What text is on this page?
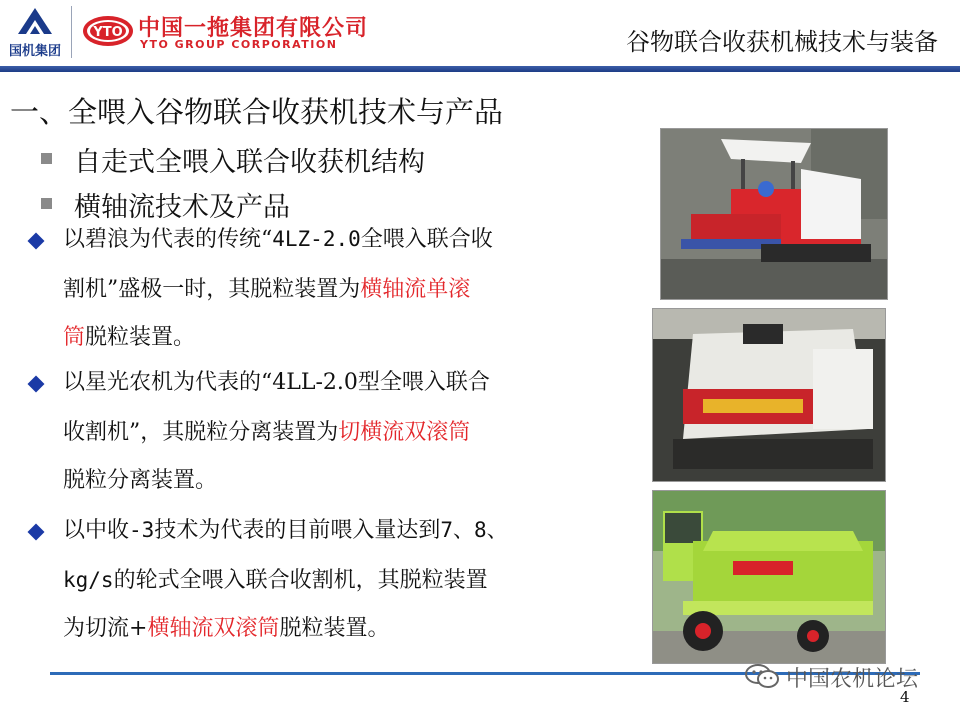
国机集团
YTO 中国一拖集团有限公司
YTO GROUP CORPORATION	谷物联合收获机械技术与装备
一、全喂入谷物联合收获机技术与产品
自走式全喂入联合收获机结构
横轴流技术及产品
以碧浪为代表的传统“4LZ-2.0全喂入联合收
割机”盛极一时，其脱粒装置为横轴流单滚
筒脱粒装置。
以星光农机为代表的“4LL-2.0型全喂入联合
收割机”，其脱粒分离装置为切横流双滚筒
脱粒分离装置。
以中收-3技术为代表的目前喂入量达到7、8、
kg/s的轮式全喂入联合收割机，其脱粒装置
为切流+横轴流双滚筒脱粒装置。
中国农机论坛
4
